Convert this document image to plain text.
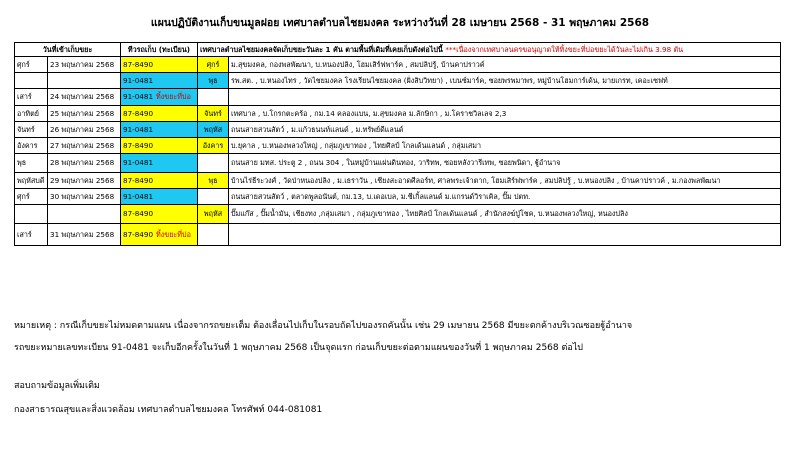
แผนปฏิบัติงานเก็บขนมูลฝอย เทศบาลตำบลไชยมงคล ระหว่างวันที่ 28 เมษายน 2568 - 31 พฤษภาคม 2568
วันที่เข้าเก็บขยะ		ทีวรถเก็บ (ทะเบียน)	เทศบาลตำบลไชยมงคลจัดเก็บขยะวันละ 1 คัน ตามพื้นที่เดิมที่เคยเก็บดังต่อไปนี้ ***เนื่องจากเทศบาลนครขอนุญาตให้ทิ้งขยะที่บ่อขยะได้วันละไม่เกิน 3.98 ตัน	
ศุกร์	23 พฤษภาคม 2568	87-8490	ศุกร์	ม.สุขมงคล, กองพลพัฒนา, บ.หนองปลิง, โฮมเสิร์ฟพาร์ค , สมปลิปรู้, บ้านคาปราวค์
		91-0481	พุธ	รพ.สต. , บ.หนองไทร , วัดไชยมงคล โรงเรียนไชยมงคล (ฝั่งสิบวิทยา) , เบนซ์มาร์ค, ซอยพรพมาพร, หมู่บ้านโฮมการ์เด้น, มายเกรท, เคอะเซฟท์
เสาร์	24 พฤษภาคม 2568	91-0481 ทิ้งขยะที่บ่อ		
อาทิตย์	25 พฤษภาคม 2568	87-8490	จันทร์	เทศบาล , บ.โกรกตะคร้อ , กม.14 คลองแบน, ม.สุขมงคล ม.ลักษิกา , ม.โคราชวิลเลจ 2,3
จันทร์	26 พฤษภาคม 2568	91-0481	พฤหัส	ถนนสายสวนสัตว์ , ม.แก้วธนนท์แลนด์ , ม.ทรัพย์ดีแลนด์
อังคาร	27 พฤษภาคม 2568	87-8490	อังคาร	บ.ยุคาล , บ.หนองพลวงใหญ่ , กลุ่มภูเขาทอง , ไทยศิลป์ โกลเด้นแลนด์ , กลุ่มเสมา
พุธ	28 พฤษภาคม 2568	91-0481		ถนนสาย มทส. ประตู 2 , ถนน 304 , ในหมู่บ้านแผ่นดินทอง, วาริทพ, ซอยหลังวารีเทพ, ซอยพนิดา, ฐู้อำนาจ
พฤหัสบดี	29 พฤษภาคม 2568	87-8490	พุธ	บ้านไร่ธีระวงศ์ , วัดป่าหนองปลิง , ม.เธราวัน , เชียงสะอาดศีลอร์ท, ศาลพระเจ้าตาก, โฮมเสิร์ฟพาร์ค , สมปลิปรู้ , บ.หนองปลิง , บ้านคาปราวค์ , ม.กองพลพัฒนา
ศุกร์	30 พฤษภาคม 2568	91-0481		ถนนสายสวนสัตว์ , ตลาดพูลอนันต์, กม.13, บ.เดอเบล, ม.ชีเกิ้ลแลนด์ ม.แกรนด์วิราเคิล, ปั๊ม ปตท.
		87-8490	พฤหัส	ปั๊มแก๊ส , ปั๊มน้ำมัน, เชียงทง ,กลุ่มเสมา , กลุ่มภูเขาทอง , ไทยศิลป์ โกลเด้นแลนด์ , สำนักสงฆ์ปู่โชค, บ.หนองพลวงใหญ่, หนองปลิง
เสาร์	31 พฤษภาคม 2568	87-8490 ทิ้งขยะที่บ่อ		
หมายเหตุ : กรณีเก็บขยะไม่หมดตามแผน เนื่องจากรถขยะเต็ม ต้องเลื่อนไปเก็บในรอบถัดไปของรถคันนั้น เช่น 29 เมษายน 2568 มีขยะตกค้างบริเวณซอยฐู้อำนาจ
รถขยะหมายเลขทะเบียน 91-0481 จะเก็บอีกครั้งในวันที่ 1 พฤษภาคม 2568 เป็นจุดแรก ก่อนเก็บขยะต่อตามแผนของวันที่ 1 พฤษภาคม 2568 ต่อไป
สอบถามข้อมูลเพิ่มเติม
กองสาธารณสุขและสิ่งแวดล้อม เทศบาลตำบลไชยมงคล โทรศัพท์ 044-081081
